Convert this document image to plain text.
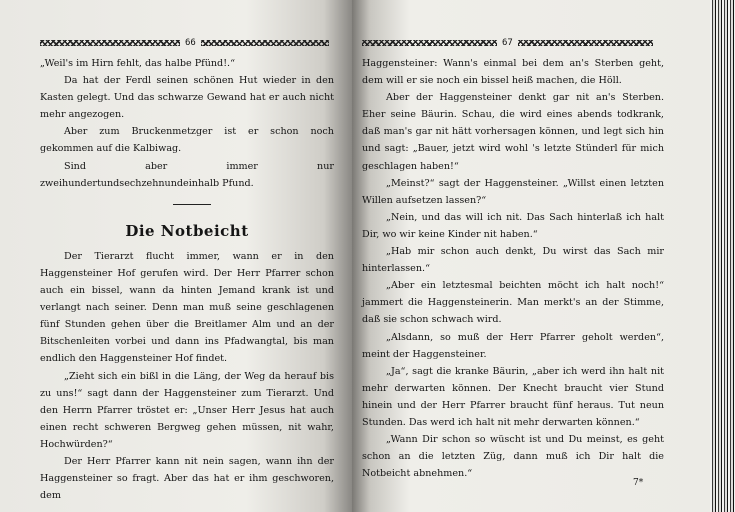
66

„Weil's im Hirn fehlt, das halbe Pfünd!.“

Da hat der Ferdl seinen schönen Hut wieder in den Kasten gelegt. Und das schwarze Gewand hat er auch nicht mehr angezogen.

Aber zum Bruckenmetzger ist er schon noch gekommen auf die Kalbiwag.

Sind aber immer nur zweihundertundsechzehnundeinhalb Pfund.

Die Notbeicht

Der Tierarzt flucht immer, wann er in den Haggensteiner Hof gerufen wird. Der Herr Pfarrer schon auch ein bissel, wann da hinten Jemand krank ist und verlangt nach seiner. Denn man muß seine geschlagenen fünf Stunden gehen über die Breitlamer Alm und an der Bitschenleiten vorbei und dann ins Pfadwangtal, bis man endlich den Haggensteiner Hof findet.

„Zieht sich ein bißl in die Läng, der Weg da herauf bis zu uns!“ sagt dann der Haggensteiner zum Tierarzt. Und den Herrn Pfarrer tröstet er: „Unser Herr Jesus hat auch einen recht schweren Bergweg gehen müssen, nit wahr, Hochwürden?“

Der Herr Pfarrer kann nit nein sagen, wann ihn der Haggensteiner so fragt. Aber das hat er ihm geschworen, dem

67

Haggensteiner: Wann's einmal bei dem an's Sterben geht, dem will er sie noch ein bissel heiß machen, die Höll.

Aber der Haggensteiner denkt gar nit an's Sterben. Eher seine Bäurin. Schau, die wird eines abends todkrank, daß man's gar nit hätt vorhersagen können, und legt sich hin und sagt: „Bauer, jetzt wird wohl 's letzte Stünderl für mich geschlagen haben!“

„Meinst?“ sagt der Haggensteiner. „Willst einen letzten Willen aufsetzen lassen?“

„Nein, und das will ich nit. Das Sach hinterlaß ich halt Dir, wo wir keine Kinder nit haben.“

„Hab mir schon auch denkt, Du wirst das Sach mir hinterlassen.“

„Aber ein letztesmal beichten möcht ich halt noch!“ jammert die Haggensteinerin. Man merkt's an der Stimme, daß sie schon schwach wird.

„Alsdann, so muß der Herr Pfarrer geholt werden“, meint der Haggensteiner.

„Ja“, sagt die kranke Bäurin, „aber ich werd ihn halt nit mehr derwarten können. Der Knecht braucht vier Stund hinein und der Herr Pfarrer braucht fünf heraus. Tut neun Stunden. Das werd ich halt nit mehr derwarten können.“

„Wann Dir schon so wüscht ist und Du meinst, es geht schon an die letzten Züg, dann muß ich Dir halt die Notbeicht abnehmen.“

7*
